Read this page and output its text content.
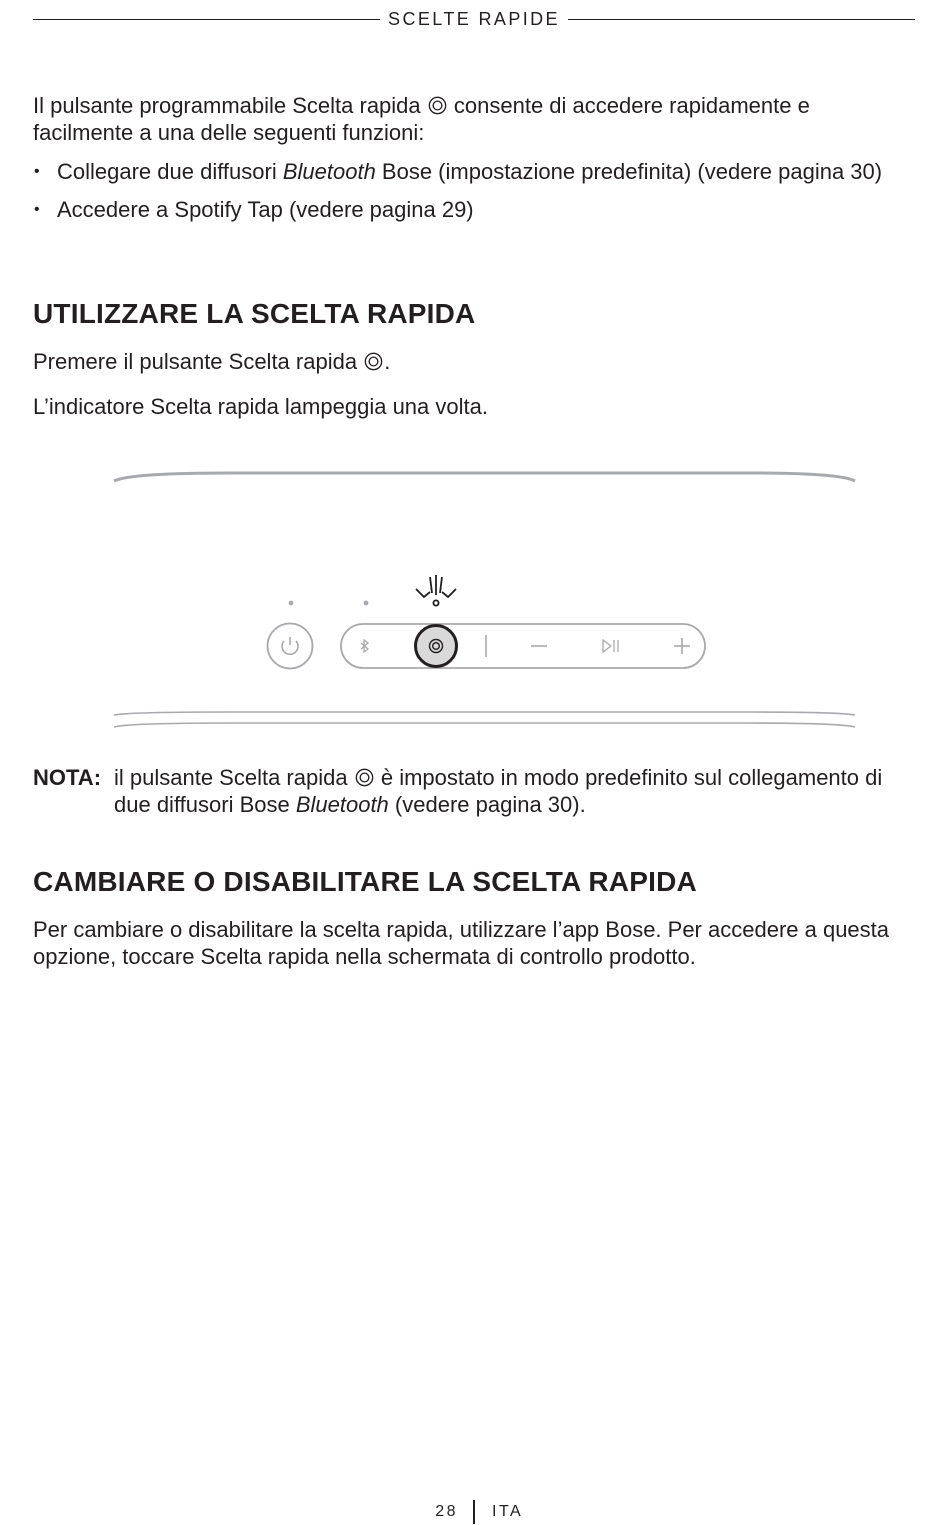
SCELTE RAPIDE

Il pulsante programmabile Scelta rapida consente di accedere rapidamente e facilmente a una delle seguenti funzioni:

• Collegare due diffusori Bluetooth Bose (impostazione predefinita) (vedere pagina 30)
• Accedere a Spotify Tap (vedere pagina 29)
UTILIZZARE LA SCELTA RAPIDA

Premere il pulsante Scelta rapida .

L’indicatore Scelta rapida lampeggia una volta.

NOTA: il pulsante Scelta rapida è impostato in modo predefinito sul collegamento di due diffusori Bose Bluetooth (vedere pagina 30).
CAMBIARE O DISABILITARE LA SCELTA RAPIDA

Per cambiare o disabilitare la scelta rapida, utilizzare l’app Bose. Per accedere a questa opzione, toccare Scelta rapida nella schermata di controllo prodotto.

28 ITA
